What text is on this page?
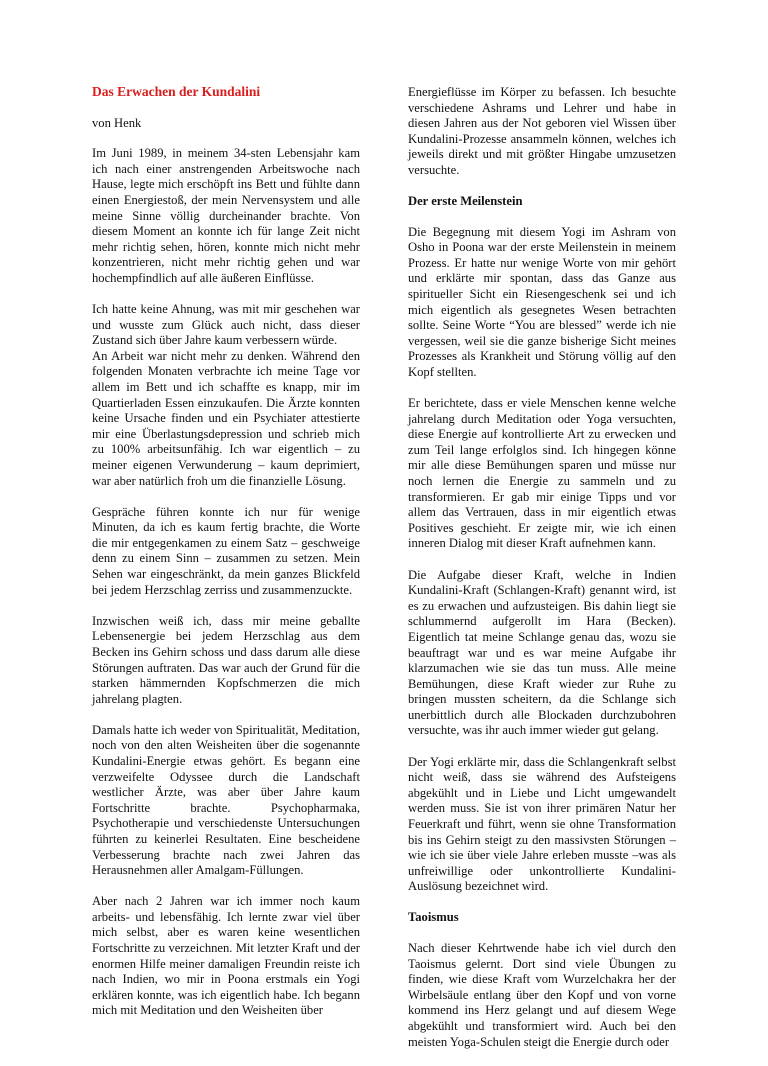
Das Erwachen der Kundalini
von Henk

Im Juni 1989, in meinem 34-sten Lebensjahr kam ich nach einer anstrengenden Arbeitswoche nach Hause, legte mich erschöpft ins Bett und fühlte dann einen Energiestoß, der mein Nervensystem und alle meine Sinne völlig durcheinander brachte. Von diesem Moment an konnte ich für lange Zeit nicht mehr richtig sehen, hören, konnte mich nicht mehr konzentrieren, nicht mehr richtig gehen und war hochempfindlich auf alle äußeren Einflüsse.

Ich hatte keine Ahnung, was mit mir geschehen war und wusste zum Glück auch nicht, dass dieser Zustand sich über Jahre kaum verbessern würde.

An Arbeit war nicht mehr zu denken. Während den folgenden Monaten verbrachte ich meine Tage vor allem im Bett und ich schaffte es knapp, mir im Quartierladen Essen einzukaufen. Die Ärzte konnten keine Ursache finden und ein Psychiater attestierte mir eine Überlastungsdepression und schrieb mich zu 100% arbeitsunfähig. Ich war eigentlich – zu meiner eigenen Verwunderung – kaum deprimiert, war aber natürlich froh um die finanzielle Lösung.

Gespräche führen konnte ich nur für wenige Minuten, da ich es kaum fertig brachte, die Worte die mir entgegenkamen zu einem Satz – geschweige denn zu einem Sinn – zusammen zu setzen. Mein Sehen war eingeschränkt, da mein ganzes Blickfeld bei jedem Herzschlag zerriss und zusammenzuckte.

Inzwischen weiß ich, dass mir meine geballte Lebensenergie bei jedem Herzschlag aus dem Becken ins Gehirn schoss und dass darum alle diese Störungen auftraten. Das war auch der Grund für die starken hämmernden Kopfschmerzen die mich jahrelang plagten.

Damals hatte ich weder von Spiritualität, Meditation, noch von den alten Weisheiten über die sogenannte Kundalini-Energie etwas gehört. Es begann eine verzweifelte Odyssee durch die Landschaft westlicher Ärzte, was aber über Jahre kaum Fortschritte brachte. Psychopharmaka, Psychotherapie und verschiedenste Untersuchungen führten zu keinerlei Resultaten. Eine bescheidene Verbesserung brachte nach zwei Jahren das Herausnehmen aller Amalgam-Füllungen.

Aber nach 2 Jahren war ich immer noch kaum arbeits- und lebensfähig. Ich lernte zwar viel über mich selbst, aber es waren keine wesentlichen Fortschritte zu verzeichnen. Mit letzter Kraft und der enormen Hilfe meiner damaligen Freundin reiste ich nach Indien, wo mir in Poona erstmals ein Yogi erklären konnte, was ich eigentlich habe. Ich begann mich mit Meditation und den Weisheiten über

Energieflüsse im Körper zu befassen. Ich besuchte verschiedene Ashrams und Lehrer und habe in diesen Jahren aus der Not geboren viel Wissen über Kundalini-Prozesse ansammeln können, welches ich jeweils direkt und mit größter Hingabe umzusetzen versuchte.

Der erste Meilenstein

Die Begegnung mit diesem Yogi im Ashram von Osho in Poona war der erste Meilenstein in meinem Prozess. Er hatte nur wenige Worte von mir gehört und erklärte mir spontan, dass das Ganze aus spiritueller Sicht ein Riesengeschenk sei und ich mich eigentlich als gesegnetes Wesen betrachten sollte. Seine Worte “You are blessed” werde ich nie vergessen, weil sie die ganze bisherige Sicht meines Prozesses als Krankheit und Störung völlig auf den Kopf stellten.

Er berichtete, dass er viele Menschen kenne welche jahrelang durch Meditation oder Yoga versuchten, diese Energie auf kontrollierte Art zu erwecken und zum Teil lange erfolglos sind. Ich hingegen könne mir alle diese Bemühungen sparen und müsse nur noch lernen die Energie zu sammeln und zu transformieren. Er gab mir einige Tipps und vor allem das Vertrauen, dass in mir eigentlich etwas Positives geschieht. Er zeigte mir, wie ich einen inneren Dialog mit dieser Kraft aufnehmen kann.

Die Aufgabe dieser Kraft, welche in Indien Kundalini-Kraft (Schlangen-Kraft) genannt wird, ist es zu erwachen und aufzusteigen. Bis dahin liegt sie schlummernd aufgerollt im Hara (Becken). Eigentlich tat meine Schlange genau das, wozu sie beauftragt war und es war meine Aufgabe ihr klarzumachen wie sie das tun muss. Alle meine Bemühungen, diese Kraft wieder zur Ruhe zu bringen mussten scheitern, da die Schlange sich unerbittlich durch alle Blockaden durchzubohren versuchte, was ihr auch immer wieder gut gelang.

Der Yogi erklärte mir, dass die Schlangenkraft selbst nicht weiß, dass sie während des Aufsteigens abgekühlt und in Liebe und Licht umgewandelt werden muss. Sie ist von ihrer primären Natur her Feuerkraft und führt, wenn sie ohne Transformation bis ins Gehirn steigt zu den massivsten Störungen – wie ich sie über viele Jahre erleben musste –was als unfreiwillige oder unkontrollierte Kundalini-Auslösung bezeichnet wird.

Taoismus

Nach dieser Kehrtwende habe ich viel durch den Taoismus gelernt. Dort sind viele Übungen zu finden, wie diese Kraft vom Wurzelchakra her der Wirbelsäule entlang über den Kopf und von vorne kommend ins Herz gelangt und auf diesem Wege abgekühlt und transformiert wird. Auch bei den meisten Yoga-Schulen steigt die Energie durch oder
